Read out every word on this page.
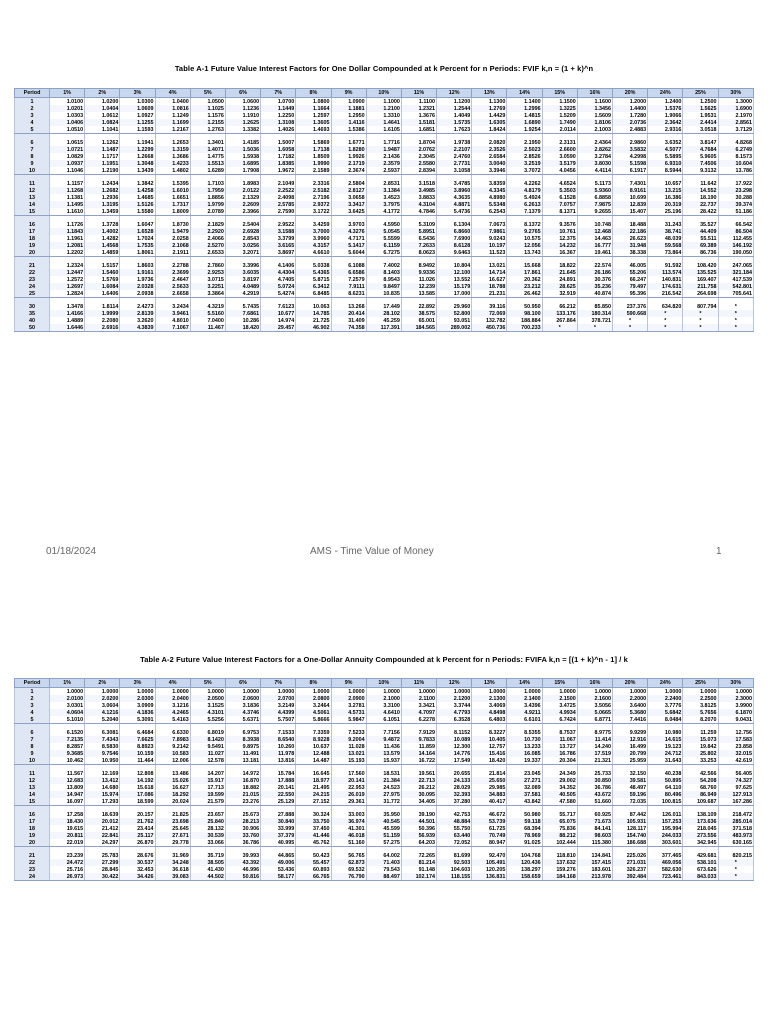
Table A-1 Future Value Interest Factors for One Dollar Compounded at k Percent for n Periods: FVIF k,n = (1 + k)^n
Period	1%	2%	3%	4%	5%	6%	7%	8%	9%	10%	11%	12%	13%	14%	15%	16%	20%	24%	25%	30%
1	1.0100	1.0200	1.0300	1.0400	1.0500	1.0600	1.0700	1.0800	1.0900	1.1000	1.1100	1.1200	1.1300	1.1400	1.1500	1.1600	1.2000	1.2400	1.2500	1.3000
2	1.0201	1.0404	1.0609	1.0816	1.1025	1.1236	1.1449	1.1664	1.1881	1.2100	1.2321	1.2544	1.2769	1.2996	1.3225	1.3456	1.4400	1.5376	1.5625	1.6900
3	1.0303	1.0612	1.0927	1.1249	1.1576	1.1910	1.2250	1.2597	1.2950	1.3310	1.3676	1.4049	1.4429	1.4815	1.5209	1.5609	1.7280	1.9066	1.9531	2.1970
4	1.0406	1.0824	1.1255	1.1699	1.2155	1.2625	1.3108	1.3605	1.4116	1.4641	1.5181	1.5735	1.6305	1.6890	1.7490	1.8106	2.0736	2.3642	2.4414	2.8561
5	1.0510	1.1041	1.1593	1.2167	1.2763	1.3382	1.4026	1.4693	1.5386	1.6105	1.6851	1.7623	1.8424	1.9254	2.0114	2.1003	2.4883	2.9316	3.0518	3.7129

6	1.0615	1.1262	1.1941	1.2653	1.3401	1.4185	1.5007	1.5869	1.6771	1.7716	1.8704	1.9738	2.0820	2.1950	2.3131	2.4364	2.9860	3.6352	3.8147	4.8268
7	1.0721	1.1487	1.2299	1.3159	1.4071	1.5036	1.6058	1.7138	1.8280	1.9487	2.0762	2.2107	2.3526	2.5023	2.6600	2.8262	3.5832	4.5077	4.7684	6.2749
8	1.0829	1.1717	1.2668	1.3686	1.4775	1.5938	1.7182	1.8509	1.9926	2.1436	2.3045	2.4760	2.6584	2.8526	3.0590	3.2784	4.2998	5.5895	5.9605	8.1573
9	1.0937	1.1951	1.3048	1.4233	1.5513	1.6895	1.8385	1.9990	2.1719	2.3579	2.5580	2.7731	3.0040	3.2519	3.5179	3.8030	5.1598	6.9310	7.4506	10.604
10	1.1046	1.2190	1.3439	1.4802	1.6289	1.7908	1.9672	2.1589	2.3674	2.5937	2.8394	3.1058	3.3946	3.7072	4.0456	4.4114	6.1917	8.5944	9.3132	13.786

11	1.1157	1.2434	1.3842	1.5395	1.7103	1.8983	2.1049	2.3316	2.5804	2.8531	3.1518	3.4785	3.8359	4.2262	4.6524	5.1173	7.4301	10.657	11.642	17.922
12	1.1268	1.2682	1.4258	1.6010	1.7959	2.0122	2.2522	2.5182	2.8127	3.1384	3.4985	3.8960	4.3345	4.8179	5.3503	5.9360	8.9161	13.215	14.552	23.298
13	1.1381	1.2936	1.4685	1.6651	1.8856	2.1329	2.4098	2.7196	3.0658	3.4523	3.8833	4.3635	4.8980	5.4924	6.1528	6.8858	10.699	16.386	18.190	30.288
14	1.1495	1.3195	1.5126	1.7317	1.9799	2.2609	2.5785	2.9372	3.3417	3.7975	4.3104	4.8871	5.5348	6.2613	7.0757	7.9875	12.839	20.319	22.737	39.374
15	1.1610	1.3459	1.5580	1.8009	2.0789	2.3966	2.7590	3.1722	3.6425	4.1772	4.7846	5.4736	6.2543	7.1379	8.1371	9.2655	15.407	25.196	28.422	51.186

16	1.1726	1.3728	1.6047	1.8730	2.1829	2.5404	2.9522	3.4259	3.9703	4.5950	5.3109	6.1304	7.0673	8.1372	9.3576	10.748	18.488	31.243	35.527	66.542
17	1.1843	1.4002	1.6528	1.9479	2.2920	2.6928	3.1588	3.7000	4.3276	5.0545	5.8951	6.8660	7.9861	9.2765	10.761	12.468	22.186	38.741	44.409	86.504
18	1.1961	1.4282	1.7024	2.0258	2.4066	2.8543	3.3799	3.9960	4.7171	5.5599	6.5436	7.6900	9.0243	10.575	12.375	14.463	26.623	48.039	55.511	112.455
19	1.2081	1.4568	1.7535	2.1068	2.5270	3.0256	3.6165	4.3157	5.1417	6.1159	7.2633	8.6128	10.197	12.056	14.232	16.777	31.948	59.568	69.389	146.192
20	1.2202	1.4859	1.8061	2.1911	2.6533	3.2071	3.8697	4.6610	5.6044	6.7275	8.0623	9.6463	11.523	13.743	16.367	19.461	38.338	73.864	86.736	190.050

21	1.2324	1.5157	1.8603	2.2788	2.7860	3.3996	4.1406	5.0338	6.1088	7.4002	8.9492	10.804	13.021	15.668	18.822	22.574	46.005	91.592	108.420	247.065
22	1.2447	1.5460	1.9161	2.3699	2.9253	3.6035	4.4304	5.4365	6.6586	8.1403	9.9336	12.100	14.714	17.861	21.645	26.186	55.206	113.574	135.525	321.184
23	1.2572	1.5769	1.9736	2.4647	3.0715	3.8197	4.7405	5.8715	7.2579	8.9543	11.026	13.552	16.627	20.362	24.891	30.376	66.247	140.831	169.407	417.539
24	1.2697	1.6084	2.0328	2.5633	3.2251	4.0489	5.0724	6.3412	7.9111	9.8497	12.239	15.179	18.788	23.212	28.625	35.236	79.497	174.631	211.758	542.801
25	1.2824	1.6406	2.0938	2.6658	3.3864	4.2919	5.4274	6.8485	8.6231	10.835	13.585	17.000	21.231	26.462	32.919	40.874	95.396	216.542	264.698	705.641

30	1.3478	1.8114	2.4273	3.2434	4.3219	5.7435	7.6123	10.063	13.268	17.449	22.892	29.960	39.116	50.950	66.212	85.850	237.376	634.820	807.794	*
35	1.4166	1.9999	2.8139	3.9461	5.5160	7.6861	10.677	14.785	20.414	28.102	38.575	52.800	72.069	98.100	133.176	180.314	590.668	*	*	*
40	1.4889	2.2080	3.2620	4.8010	7.0400	10.286	14.974	21.725	31.409	45.259	65.001	93.051	132.782	188.884	267.864	378.721	*	*	*	*
50	1.6446	2.6916	4.3839	7.1067	11.467	18.420	29.457	46.902	74.358	117.391	184.565	289.002	450.736	700.233	*	*	*	*	*	*
01/18/2024	AMS - Time Value of Money	1
Table A-2 Future Value Interest Factors for a One-Dollar Annuity Compounded at k Percent for n Periods: FVIFA k,n = [(1 + k)^n - 1] / k
Period	1%	2%	3%	4%	5%	6%	7%	8%	9%	10%	11%	12%	13%	14%	15%	16%	20%	24%	25%	30%
1	1.0000	1.0000	1.0000	1.0000	1.0000	1.0000	1.0000	1.0000	1.0000	1.0000	1.0000	1.0000	1.0000	1.0000	1.0000	1.0000	1.0000	1.0000	1.0000	1.0000
2	2.0100	2.0200	2.0300	2.0400	2.0500	2.0600	2.0700	2.0800	2.0900	2.1000	2.1100	2.1200	2.1300	2.1400	2.1500	2.1600	2.2000	2.2400	2.2500	2.3000
3	3.0301	3.0604	3.0909	3.1216	3.1525	3.1836	3.2149	3.2464	3.2781	3.3100	3.3421	3.3744	3.4069	3.4396	3.4725	3.5056	3.6400	3.7776	3.8125	3.9900
4	4.0604	4.1216	4.1836	4.2465	4.3101	4.3746	4.4399	4.5061	4.5731	4.6410	4.7097	4.7793	4.8498	4.9211	4.9934	5.0665	5.3680	5.6842	5.7656	6.1870
5	5.1010	5.2040	5.3091	5.4163	5.5256	5.6371	5.7507	5.8666	5.9847	6.1051	6.2278	6.3528	6.4803	6.6101	6.7424	6.8771	7.4416	8.0484	8.2070	9.0431

6	6.1520	6.3081	6.4684	6.6330	6.8019	6.9753	7.1533	7.3359	7.5233	7.7156	7.9129	8.1152	8.3227	8.5355	8.7537	8.9775	9.9299	10.980	11.259	12.756
7	7.2135	7.4343	7.6625	7.8983	8.1420	8.3938	8.6540	8.9228	9.2004	9.4872	9.7833	10.089	10.405	10.730	11.067	11.414	12.916	14.615	15.073	17.583
8	8.2857	8.5830	8.8923	9.2142	9.5491	9.8975	10.260	10.637	11.028	11.436	11.859	12.300	12.757	13.233	13.727	14.240	16.499	19.123	19.842	23.858
9	9.3685	9.7546	10.159	10.583	11.027	11.491	11.978	12.488	13.021	13.579	14.164	14.776	15.416	16.085	16.786	17.519	20.799	24.712	25.802	32.015
10	10.462	10.950	11.464	12.006	12.578	13.181	13.816	14.487	15.193	15.937	16.722	17.549	18.420	19.337	20.304	21.321	25.959	31.643	33.253	42.619

11	11.567	12.169	12.808	13.486	14.207	14.972	15.784	16.645	17.560	18.531	19.561	20.655	21.814	23.045	24.349	25.733	32.150	40.238	42.566	56.405
12	12.683	13.412	14.192	15.026	15.917	16.870	17.888	18.977	20.141	21.384	22.713	24.133	25.650	27.271	29.002	30.850	39.581	50.895	54.208	74.327
13	13.809	14.680	15.618	16.627	17.713	18.882	20.141	21.495	22.953	24.523	26.212	28.029	29.985	32.089	34.352	36.786	48.497	64.110	68.760	97.625
14	14.947	15.974	17.086	18.292	19.599	21.015	22.550	24.215	26.019	27.975	30.095	32.393	34.883	37.581	40.505	43.672	59.196	80.496	86.949	127.913
15	16.097	17.293	18.599	20.024	21.579	23.276	25.129	27.152	29.361	31.772	34.405	37.280	40.417	43.842	47.580	51.660	72.035	100.815	109.687	167.286

16	17.258	18.639	20.157	21.825	23.657	25.673	27.888	30.324	33.003	35.950	39.190	42.753	46.672	50.980	55.717	60.925	87.442	126.011	138.109	218.472
17	18.430	20.012	21.762	23.698	25.840	28.213	30.840	33.750	36.974	40.545	44.501	48.884	53.739	59.118	65.075	71.673	105.931	157.253	173.636	285.014
18	19.615	21.412	23.414	25.645	28.132	30.906	33.999	37.450	41.301	45.599	50.396	55.750	61.725	68.394	75.836	84.141	128.117	195.994	218.045	371.518
19	20.811	22.841	25.117	27.671	30.539	33.760	37.379	41.446	46.018	51.159	56.939	63.440	70.749	78.969	88.212	98.603	154.740	244.033	273.556	483.973
20	22.019	24.297	26.870	29.778	33.066	36.786	40.995	45.762	51.160	57.275	64.203	72.052	80.947	91.025	102.444	115.380	186.688	303.601	342.945	630.165

21	23.239	25.783	28.676	31.969	35.719	39.993	44.865	50.423	56.765	64.002	72.265	81.699	92.470	104.768	118.810	134.841	225.026	377.465	429.681	820.215
22	24.472	27.299	30.537	34.248	38.505	43.392	49.006	55.457	62.873	71.403	81.214	92.503	105.491	120.436	137.632	157.415	271.031	469.056	538.101	*
23	25.716	28.845	32.453	36.618	41.430	46.996	53.436	60.893	69.532	79.543	91.148	104.603	120.205	138.297	159.276	183.601	326.237	582.630	673.626	*
24	26.973	30.422	34.426	39.083	44.502	50.816	58.177	66.765	76.790	88.497	102.174	118.155	136.831	158.659	184.168	213.978	392.484	723.461	843.033	*
